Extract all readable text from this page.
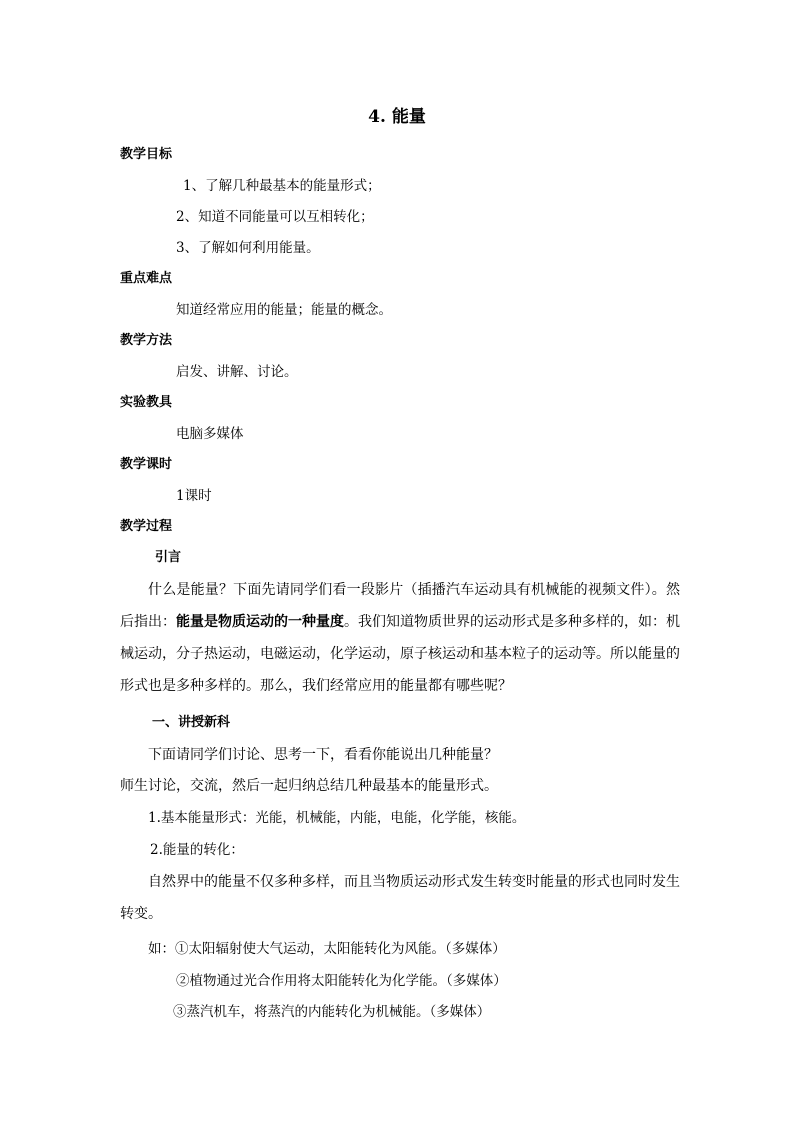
4. 能量
教学目标
1、了解几种最基本的能量形式；
2、知道不同能量可以互相转化；
3、了解如何利用能量。
重点难点
知道经常应用的能量；能量的概念。
教学方法
启发、讲解、讨论。
实验教具
电脑多媒体
教学课时
1课时
教学过程
引言
什么是能量？下面先请同学们看一段影片（插播汽车运动具有机械能的视频文件）。然后指出：能量是物质运动的一种量度。我们知道物质世界的运动形式是多种多样的，如：机械运动，分子热运动，电磁运动，化学运动，原子核运动和基本粒子的运动等。所以能量的形式也是多种多样的。那么，我们经常应用的能量都有哪些呢？
一、讲授新科
下面请同学们讨论、思考一下，看看你能说出几种能量？
师生讨论，交流，然后一起归纳总结几种最基本的能量形式。
1.基本能量形式：光能，机械能，内能，电能，化学能，核能。
2.能量的转化：
自然界中的能量不仅多种多样，而且当物质运动形式发生转变时能量的形式也同时发生转变。
如：①太阳辐射使大气运动，太阳能转化为风能。（多媒体）
②植物通过光合作用将太阳能转化为化学能。（多媒体）
③蒸汽机车，将蒸汽的内能转化为机械能。（多媒体）
